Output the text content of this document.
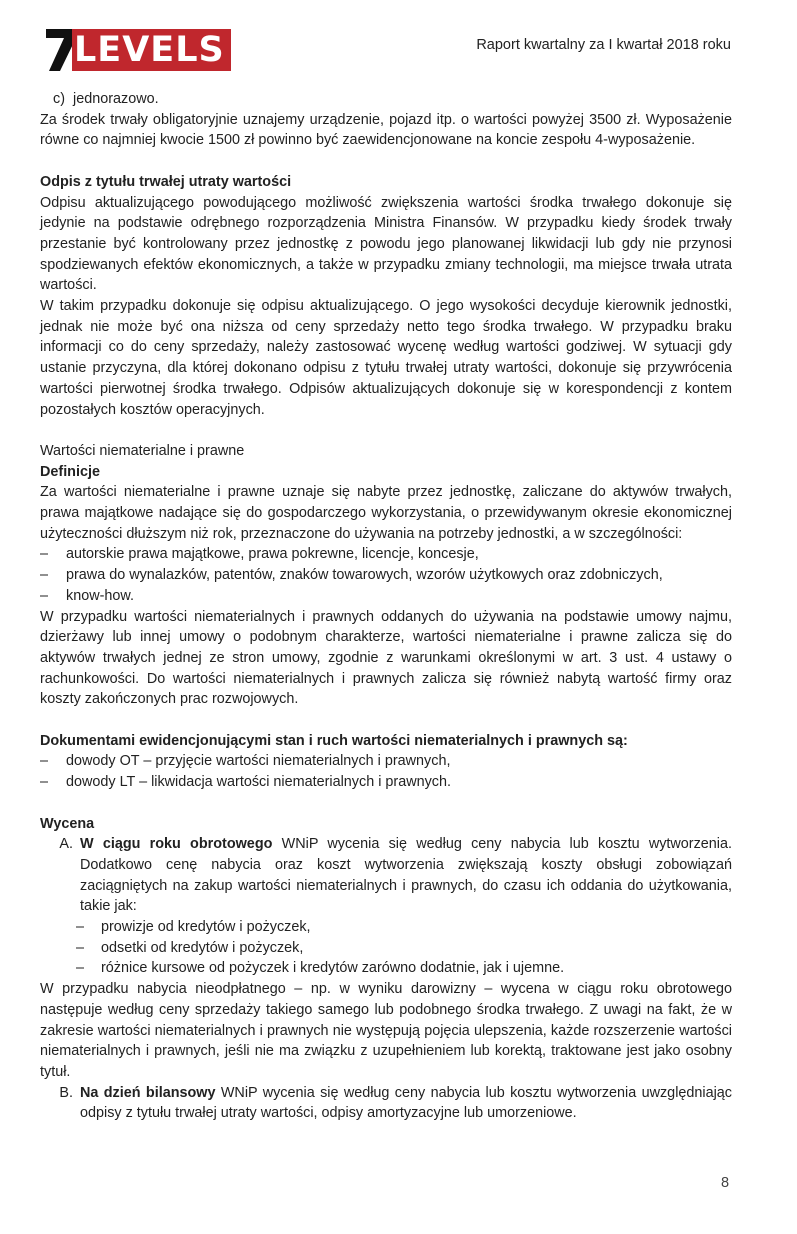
LEVELS	Raport kwartalny za I kwartał 2018 roku

c) jednorazowo.

Za środek trwały obligatoryjnie uznajemy urządzenie, pojazd itp. o wartości powyżej 3500 zł. Wyposażenie równe co najmniej kwocie 1500 zł powinno być zaewidencjonowane na koncie zespołu 4-wyposażenie.

Odpis z tytułu trwałej utraty wartości

Odpisu aktualizującego powodującego możliwość zwiększenia wartości środka trwałego dokonuje się jedynie na podstawie odrębnego rozporządzenia Ministra Finansów. W przypadku kiedy środek trwały przestanie być kontrolowany przez jednostkę z powodu jego planowanej likwidacji lub gdy nie przynosi spodziewanych efektów ekonomicznych, a także w przypadku zmiany technologii, ma miejsce trwała utrata wartości.

W takim przypadku dokonuje się odpisu aktualizującego. O jego wysokości decyduje kierownik jednostki, jednak nie może być ona niższa od ceny sprzedaży netto tego środka trwałego. W przypadku braku informacji co do ceny sprzedaży, należy zastosować wycenę według wartości godziwej. W sytuacji gdy ustanie przyczyna, dla której dokonano odpisu z tytułu trwałej utraty wartości, dokonuje się przywrócenia wartości pierwotnej środka trwałego. Odpisów aktualizujących dokonuje się w korespondencji z kontem pozostałych kosztów operacyjnych.

Wartości niematerialne i prawne

Definicje

Za wartości niematerialne i prawne uznaje się nabyte przez jednostkę, zaliczane do aktywów trwałych, prawa majątkowe nadające się do gospodarczego wykorzystania, o przewidywanym okresie ekonomicznej użyteczności dłuższym niż rok, przeznaczone do używania na potrzeby jednostki, a w szczególności:

–	autorskie prawa majątkowe, prawa pokrewne, licencje, koncesje,
–	prawa do wynalazków, patentów, znaków towarowych, wzorów użytkowych oraz zdobniczych,
–	know-how.

W przypadku wartości niematerialnych i prawnych oddanych do używania na podstawie umowy najmu, dzierżawy lub innej umowy o podobnym charakterze, wartości niematerialne i prawne zalicza się do aktywów trwałych jednej ze stron umowy, zgodnie z warunkami określonymi w art. 3 ust. 4 ustawy o rachunkowości. Do wartości niematerialnych i prawnych zalicza się również nabytą wartość firmy oraz koszty zakończonych prac rozwojowych.

Dokumentami ewidencjonującymi stan i ruch wartości niematerialnych i prawnych są:

–	dowody OT – przyjęcie wartości niematerialnych i prawnych,
–	dowody LT – likwidacja wartości niematerialnych i prawnych.

Wycena

A. W ciągu roku obrotowego WNiP wycenia się według ceny nabycia lub kosztu wytworzenia. Dodatkowo cenę nabycia oraz koszt wytworzenia zwiększają koszty obsługi zobowiązań zaciągniętych na zakup wartości niematerialnych i prawnych, do czasu ich oddania do użytkowania, takie jak:
–	prowizje od kredytów i pożyczek,
–	odsetki od kredytów i pożyczek,
–	różnice kursowe od pożyczek i kredytów zarówno dodatnie, jak i ujemne.

W przypadku nabycia nieodpłatnego – np. w wyniku darowizny – wycena w ciągu roku obrotowego następuje według ceny sprzedaży takiego samego lub podobnego środka trwałego. Z uwagi na fakt, że w zakresie wartości niematerialnych i prawnych nie występują pojęcia ulepszenia, każde rozszerzenie wartości niematerialnych i prawnych, jeśli nie ma związku z uzupełnieniem lub korektą, traktowane jest jako osobny tytuł.

B. Na dzień bilansowy WNiP wycenia się według ceny nabycia lub kosztu wytworzenia uwzględniając odpisy z tytułu trwałej utraty wartości, odpisy amortyzacyjne lub umorzeniowe.
8
